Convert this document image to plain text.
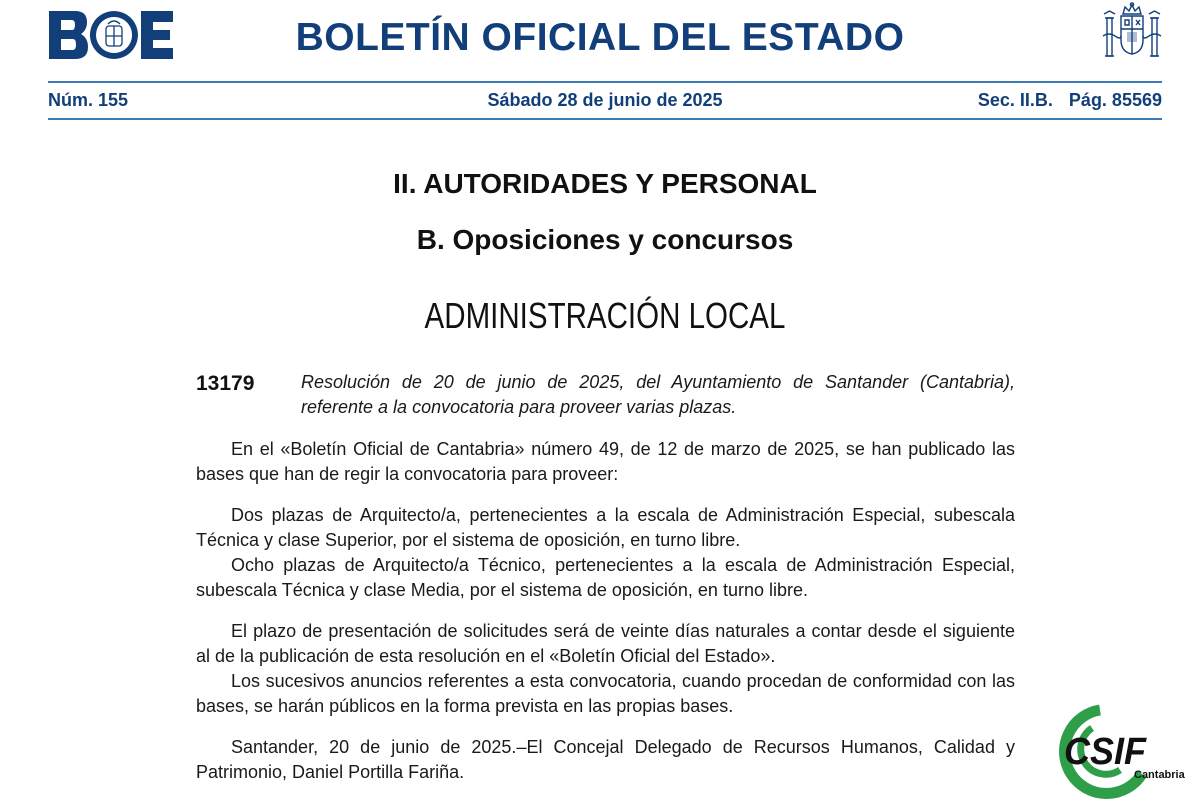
BOLETÍN OFICIAL DEL ESTADO
Núm. 155	Sábado 28 de junio de 2025	Sec. II.B. Pág. 85569
II. AUTORIDADES Y PERSONAL
B. Oposiciones y concursos
ADMINISTRACIÓN LOCAL
13179	Resolución de 20 de junio de 2025, del Ayuntamiento de Santander (Cantabria), referente a la convocatoria para proveer varias plazas.

En el «Boletín Oficial de Cantabria» número 49, de 12 de marzo de 2025, se han publicado las bases que han de regir la convocatoria para proveer:

Dos plazas de Arquitecto/a, pertenecientes a la escala de Administración Especial, subescala Técnica y clase Superior, por el sistema de oposición, en turno libre.

Ocho plazas de Arquitecto/a Técnico, pertenecientes a la escala de Administración Especial, subescala Técnica y clase Media, por el sistema de oposición, en turno libre.

El plazo de presentación de solicitudes será de veinte días naturales a contar desde el siguiente al de la publicación de esta resolución en el «Boletín Oficial del Estado».

Los sucesivos anuncios referentes a esta convocatoria, cuando procedan de conformidad con las bases, se harán públicos en la forma prevista en las propias bases.

Santander, 20 de junio de 2025.–El Concejal Delegado de Recursos Humanos, Calidad y Patrimonio, Daniel Portilla Fariña.	CSIF
Cantabria
